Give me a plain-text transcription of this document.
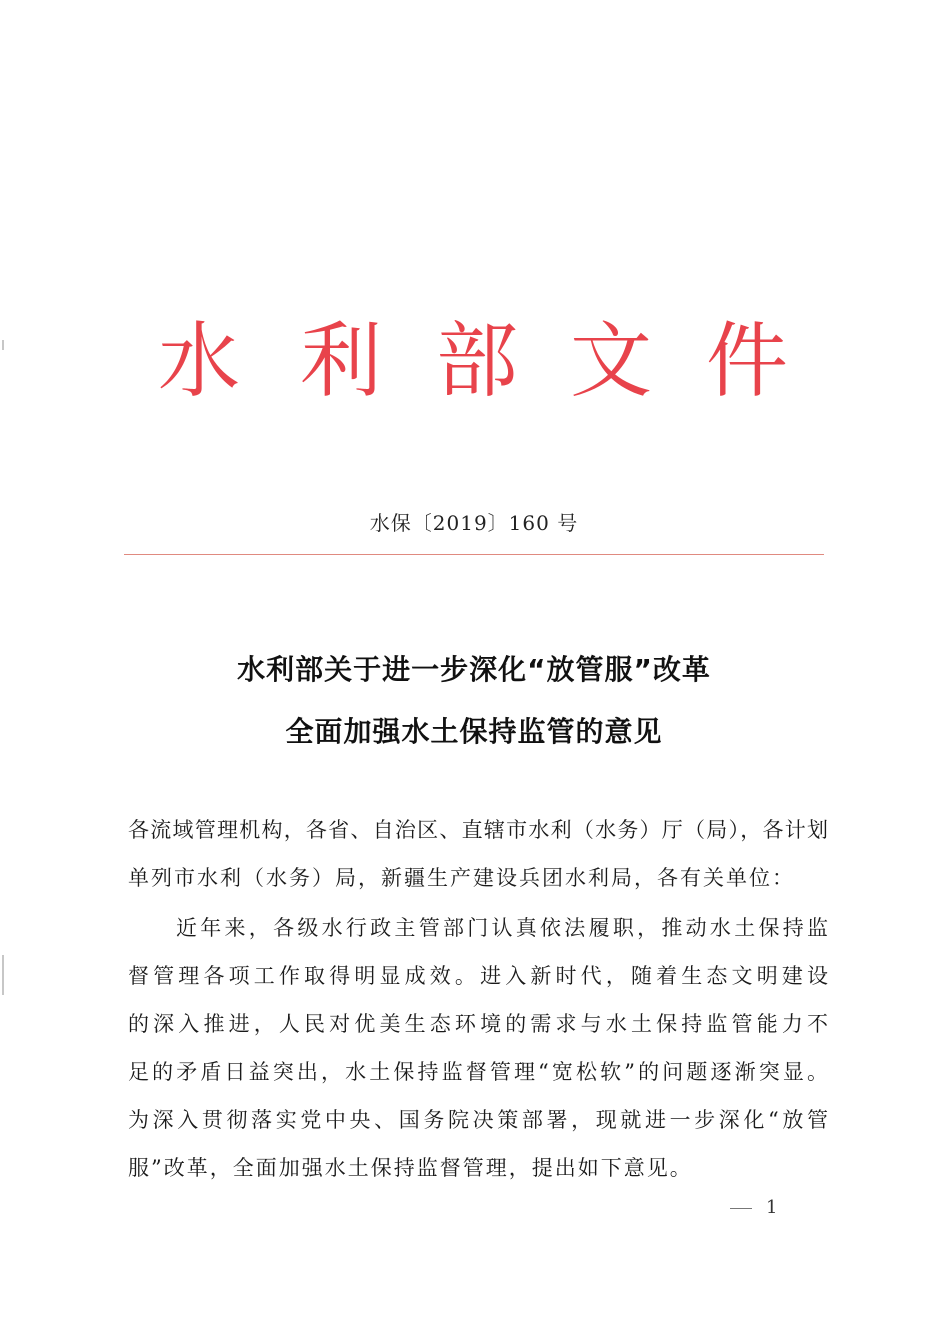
水 利 部 文 件
水保〔2019〕160 号
水利部关于进一步深化“放管服”改革
全面加强水土保持监管的意见
各流域管理机构，各省、自治区、直辖市水利（水务）厅（局），各计划
单列市水利（水务）局，新疆生产建设兵团水利局，各有关单位：
近年来，各级水行政主管部门认真依法履职，推动水土保持监
督管理各项工作取得明显成效。进入新时代，随着生态文明建设
的深入推进，人民对优美生态环境的需求与水土保持监管能力不
足的矛盾日益突出，水土保持监督管理“宽松软”的问题逐渐突显。
为深入贯彻落实党中央、国务院决策部署，现就进一步深化“放管
服”改革，全面加强水土保持监督管理，提出如下意见。
1
